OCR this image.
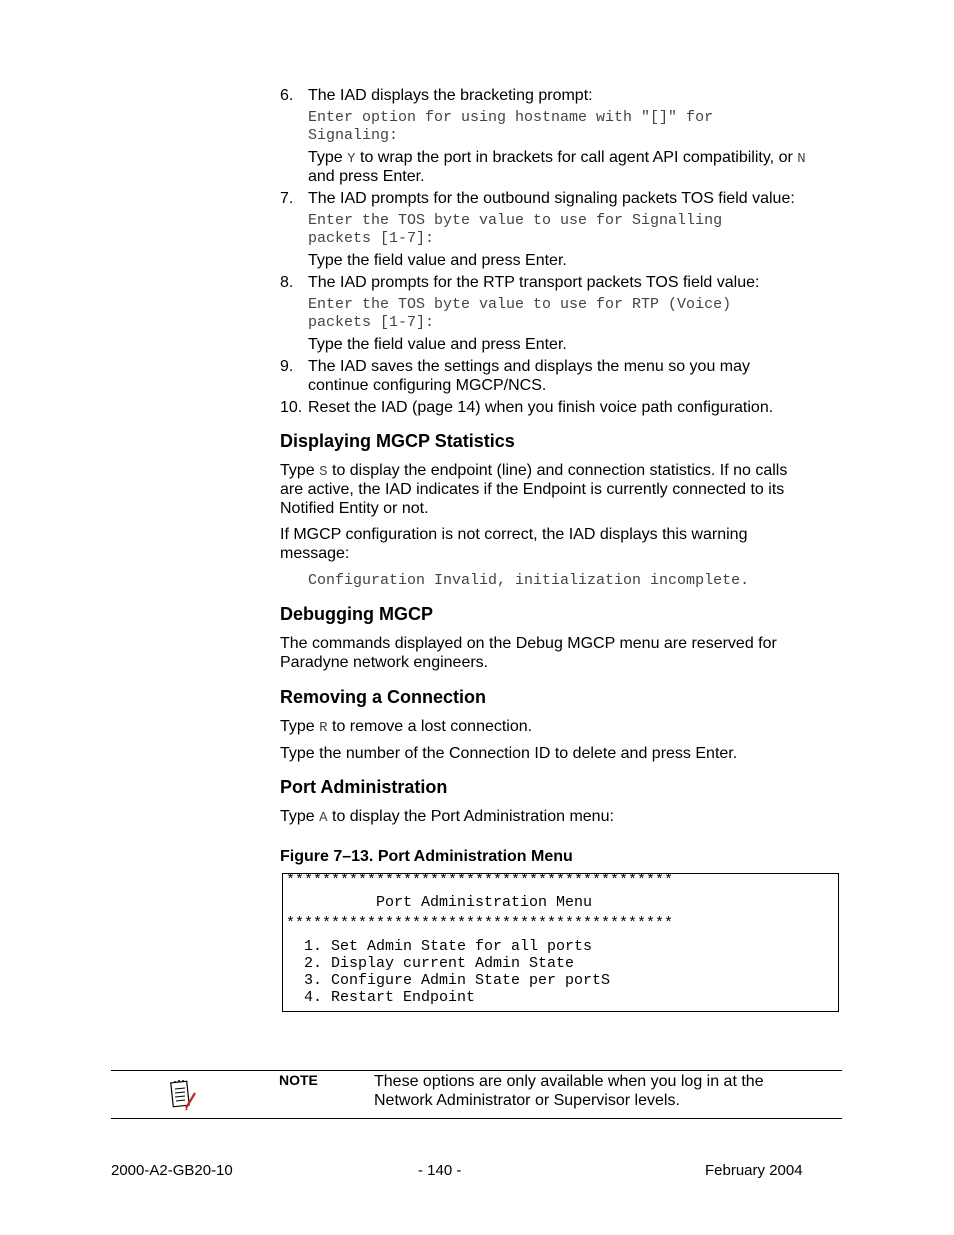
6. The IAD displays the bracketing prompt:
Enter option for using hostname with "[]" for
Signaling:
Type Y to wrap the port in brackets for call agent API compatibility, or N
and press Enter.
7. The IAD prompts for the outbound signaling packets TOS field value:
Enter the TOS byte value to use for Signalling
packets [1-7]:
Type the field value and press Enter.
8. The IAD prompts for the RTP transport packets TOS field value:
Enter the TOS byte value to use for RTP (Voice)
packets [1-7]:
Type the field value and press Enter.
9. The IAD saves the settings and displays the menu so you may
continue configuring MGCP/NCS.
10. Reset the IAD (page 14) when you finish voice path configuration.
Displaying MGCP Statistics
Type S to display the endpoint (line) and connection statistics. If no calls
are active, the IAD indicates if the Endpoint is currently connected to its
Notified Entity or not.
If MGCP configuration is not correct, the IAD displays this warning
message:
Configuration Invalid, initialization incomplete.
Debugging MGCP
The commands displayed on the Debug MGCP menu are reserved for
Paradyne network engineers.
Removing a Connection
Type R to remove a lost connection.
Type the number of the Connection ID to delete and press Enter.
Port Administration
Type A to display the Port Administration menu:
Figure 7–13. Port Administration Menu
*******************************************
Port Administration Menu
*******************************************
1. Set Admin State for all ports
2. Display current Admin State
3. Configure Admin State per portS
4. Restart Endpoint
NOTE	These options are only available when you log in at the
Network Administrator or Supervisor levels.
2000-A2-GB20-10	- 140 -	February 2004
